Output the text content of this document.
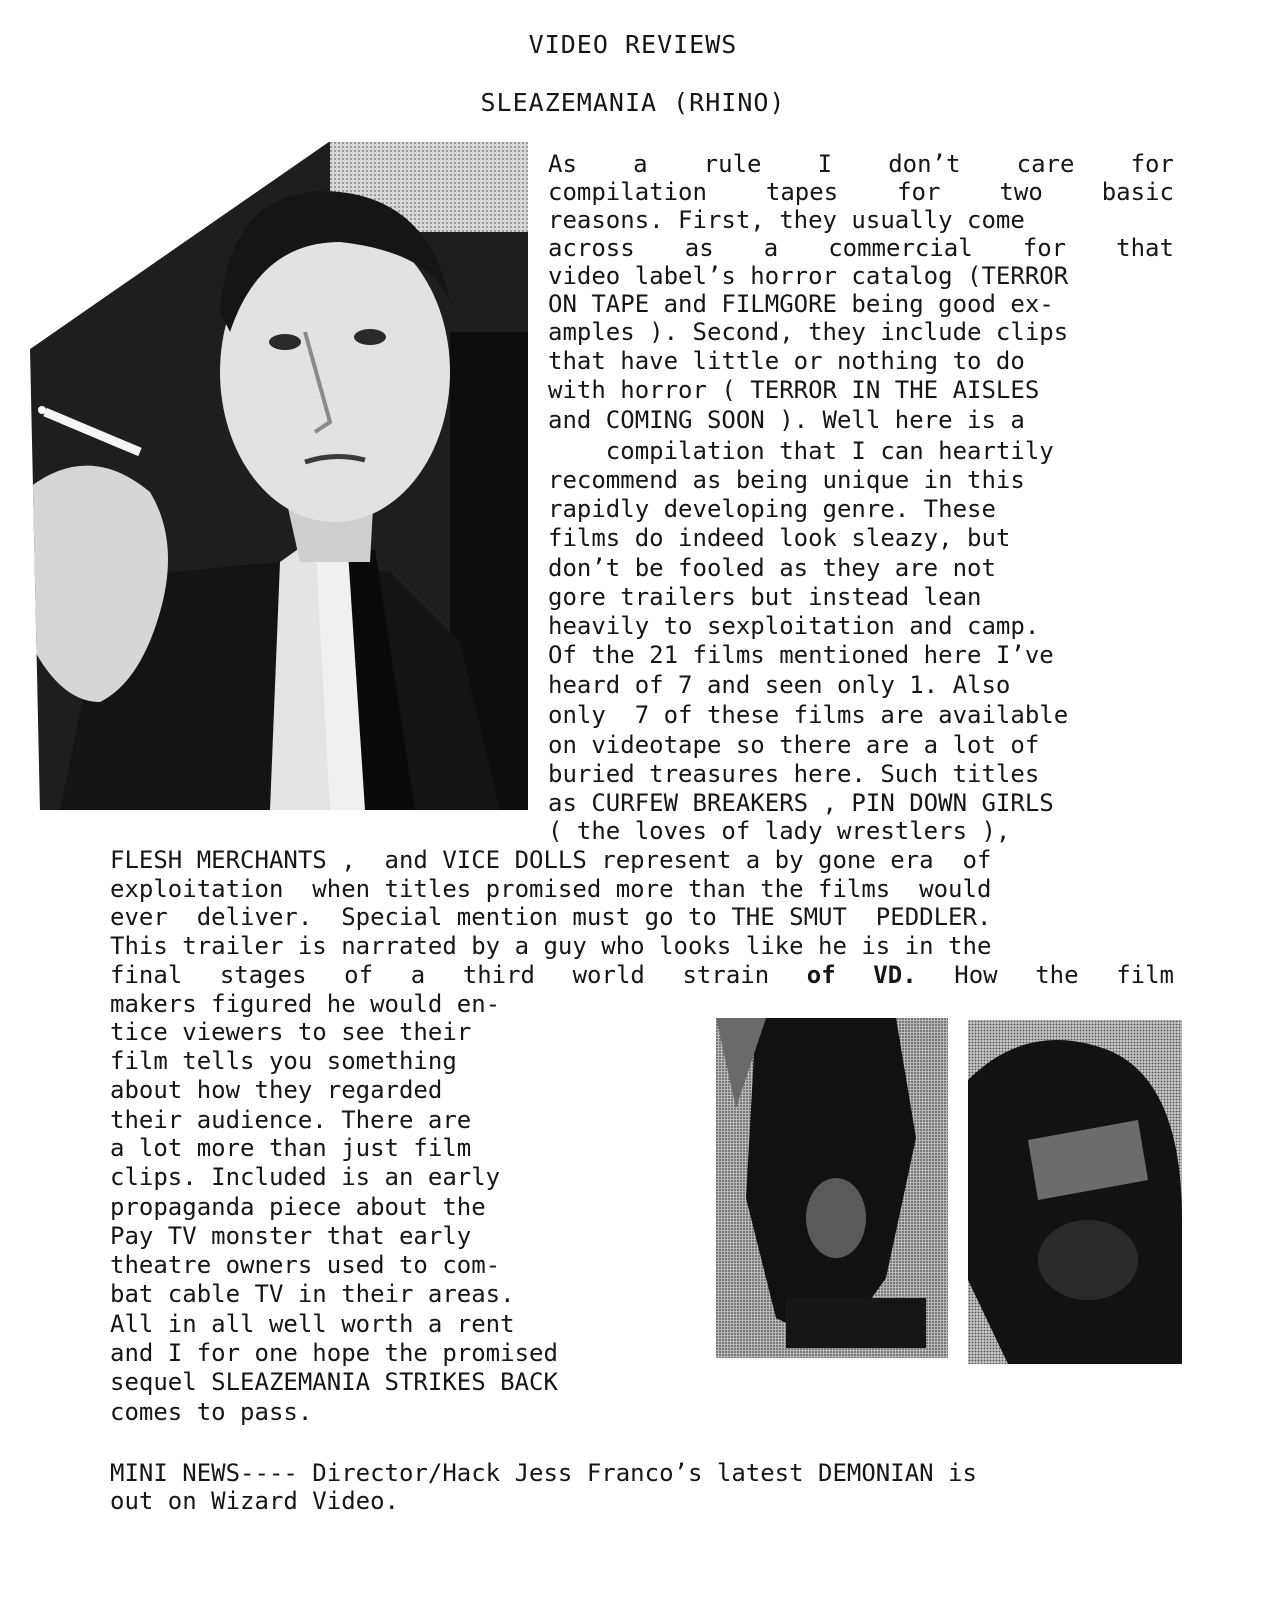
VIDEO REVIEWS
SLEAZEMANIA (RHINO)
As a rule I don’t care for
compilation tapes for two basic
reasons. First, they usually come
across as a commercial for that
video label’s horror catalog (TERROR
ON TAPE and FILMGORE being good ex-
amples ). Second, they include clips
that have little or nothing to do
with horror ( TERROR IN THE AISLES
and COMING SOON ). Well here is a
compilation that I can heartily
recommend as being unique in this
rapidly developing genre. These
films do indeed look sleazy, but
don’t be fooled as they are not
gore trailers but instead lean
heavily to sexploitation and camp.
Of the 21 films mentioned here I’ve
heard of 7 and seen only 1. Also
only  7 of these films are available
on videotape so there are a lot of
buried treasures here. Such titles
as CURFEW BREAKERS , PIN DOWN GIRLS
( the loves of lady wrestlers ),
FLESH MERCHANTS ,  and VICE DOLLS represent a by gone era  of
exploitation  when titles promised more than the films  would
ever  deliver.  Special mention must go to THE SMUT  PEDDLER.
This trailer is narrated by a guy who looks like he is in the
final stages of a third world strain of VD. How the film
makers figured he would en-
tice viewers to see their
film tells you something
about how they regarded
their audience. There are
a lot more than just film
clips. Included is an early
propaganda piece about the
Pay TV monster that early
theatre owners used to com-
bat cable TV in their areas.
All in all well worth a rent
and I for one hope the promised
sequel SLEAZEMANIA STRIKES BACK
comes to pass.
MINI NEWS---- Director/Hack Jess Franco’s latest DEMONIAN is
out on Wizard Video.
